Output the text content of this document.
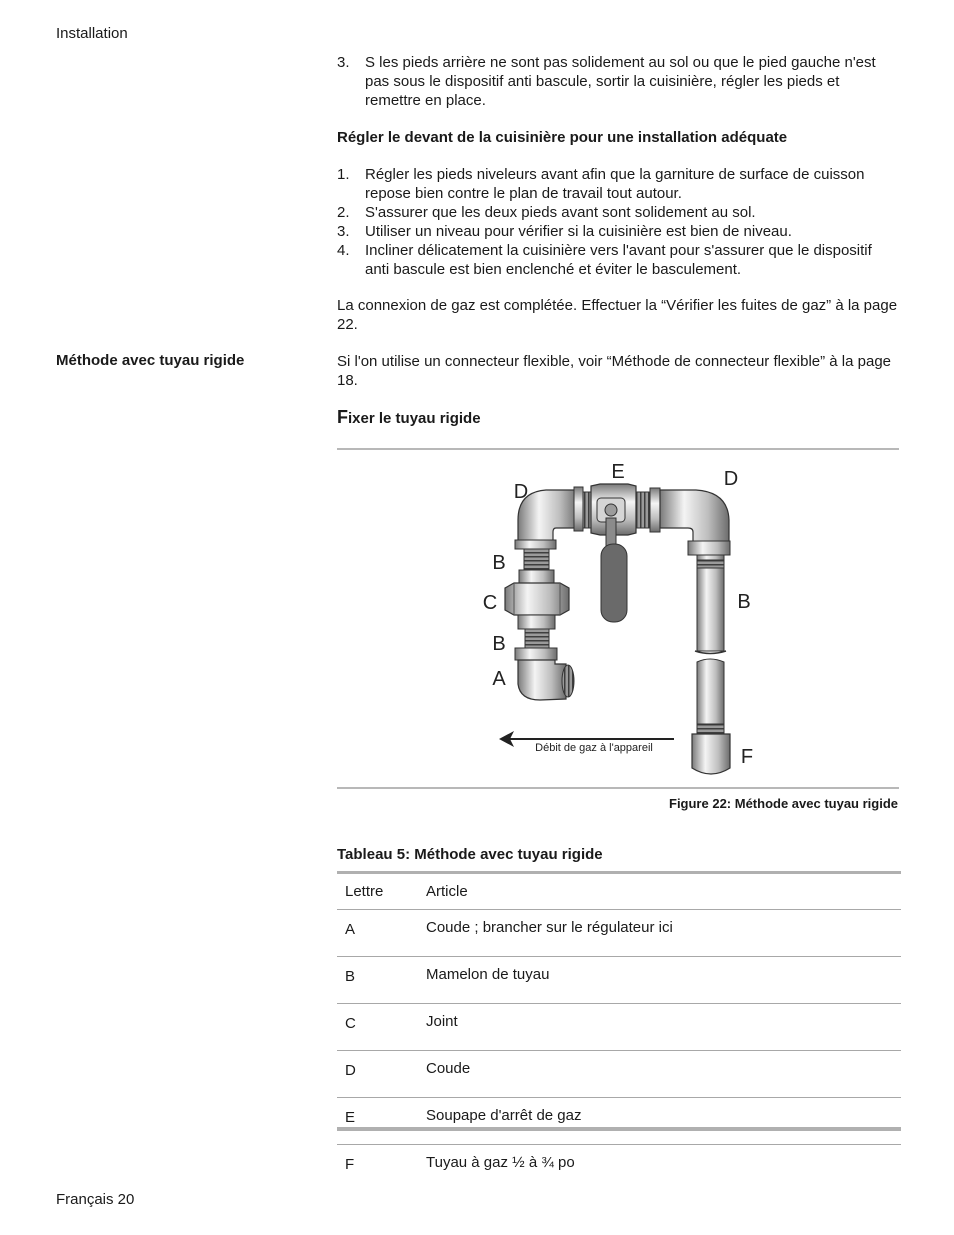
Installation
Français 20
3. S les pieds arrière ne sont pas solidement au sol ou que le pied gauche n'est pas sous le dispositif anti bascule, sortir la cuisinière, régler les pieds et remettre en place.
Régler le devant de la cuisinière pour une installation adéquate
1. Régler les pieds niveleurs avant afin que la garniture de surface de cuisson repose bien contre le plan de travail tout autour.
2. S'assurer que les deux pieds avant sont solidement au sol.
3. Utiliser un niveau pour vérifier si la cuisinière est bien de niveau.
4. Incliner délicatement la cuisinière vers l'avant pour s'assurer que le dispositif anti bascule est bien enclenché et éviter le basculement.

La connexion de gaz est complétée. Effectuer la “Vérifier les fuites de gaz” à la page 22.

Méthode avec tuyau rigide	Si l'on utilise un connecteur flexible, voir “Méthode de connecteur flexible” à la page 18.

Fixer le tuyau rigide
Débit de gaz à l'appareil
E
D
D
B
C	B
B
A
F
Figure 22: Méthode avec tuyau rigide
Tableau 5: Méthode avec tuyau rigide
Lettre	Article
A	Coude ; brancher sur le régulateur ici
B	Mamelon de tuyau
C	Joint
D	Coude
E	Soupape d'arrêt de gaz
F	Tuyau à gaz ½ à ¾ po
